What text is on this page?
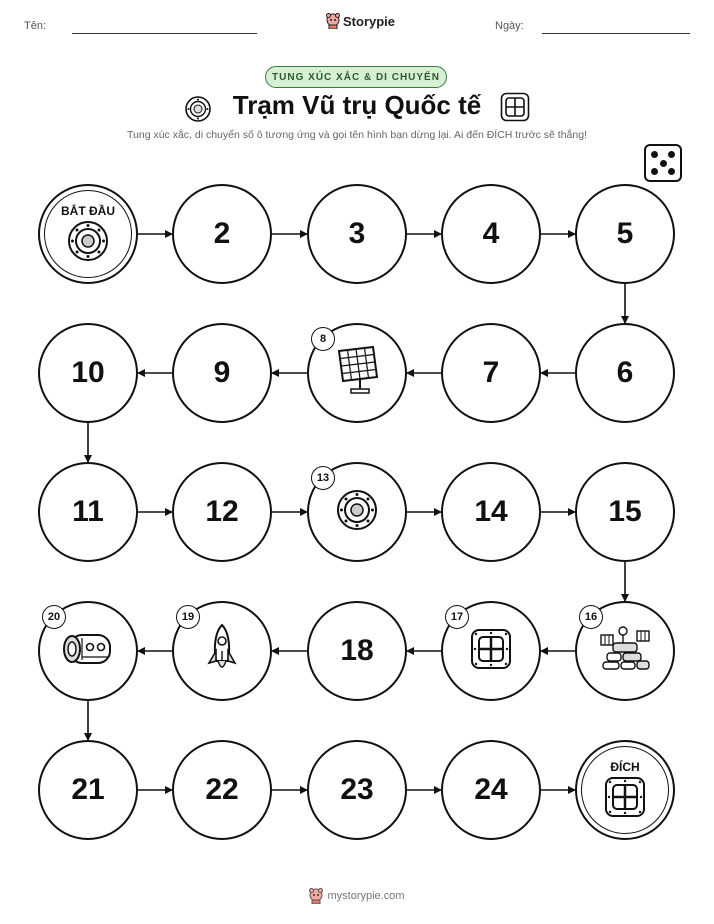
Tên:	Storypie	Ngày:
TUNG XÚC XẮC & DI CHUYỂN
Trạm Vũ trụ Quốc tế
Tung xúc xắc, di chuyển số ô tương ứng và gọi tên hình bạn dừng lại. Ai đến ĐÍCH trước sẽ thắng!
BẮT ĐẦU
2	3	4	5
6
7
8
9
10
11	12
13
14	15
16
17
18
19
20
21	22	23	24
ĐÍCH
mystorypie.com
